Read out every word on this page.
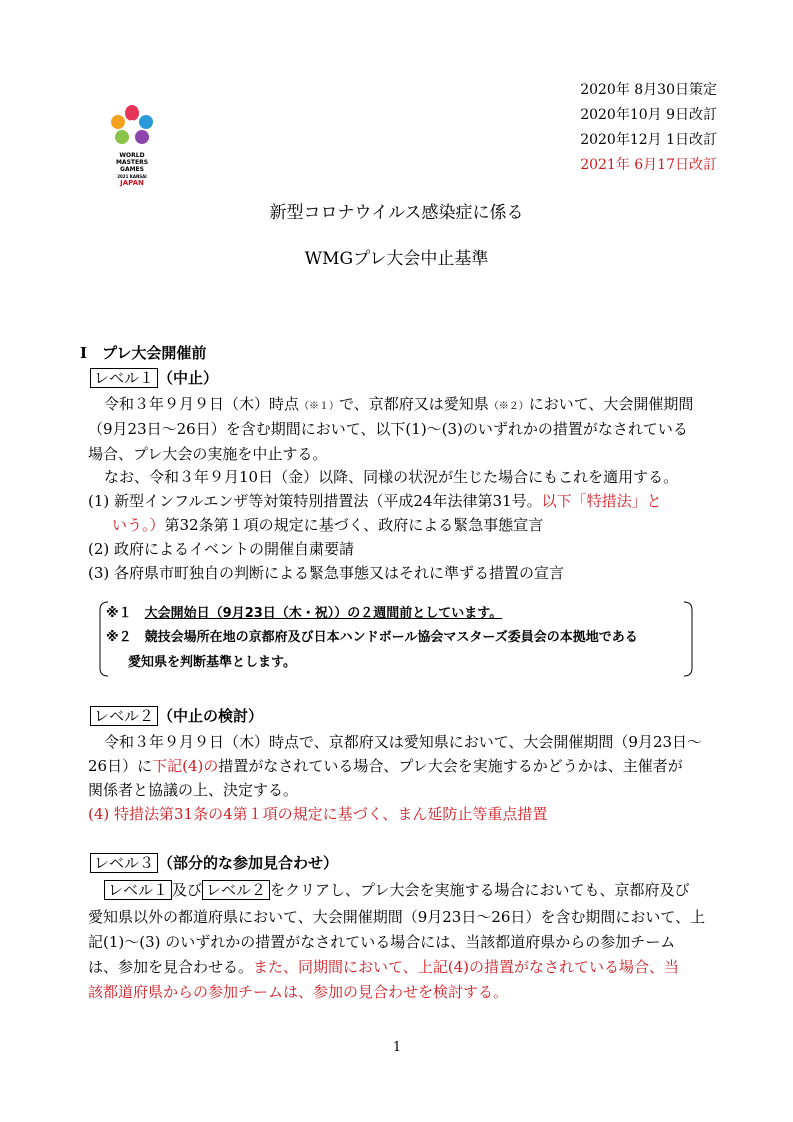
WORLD
MASTERS
GAMES
2021 KANSAI
JAPAN
2020年 8月30日策定
2020年10月 9日改訂
2020年12月 1日改訂
2021年 6月17日改訂
新型コロナウイルス感染症に係る
WMGプレ大会中止基準
Ⅰ　プレ大会開催前
レベル１ （中止）
令和３年９月９日（木）時点（※１）で、京都府又は愛知県（※２）において、大会開催期間
（9月23日～26日）を含む期間において、以下(1)～(3)のいずれかの措置がなされている
場合、プレ大会の実施を中止する。
なお、令和３年９月10日（金）以降、同様の状況が生じた場合にもこれを適用する。
(1) 新型インフルエンザ等対策特別措置法（平成24年法律第31号。以下「特措法」と
いう。）第32条第１項の規定に基づく、政府による緊急事態宣言
(2) 政府によるイベントの開催自粛要請
(3) 各府県市町独自の判断による緊急事態又はそれに準ずる措置の宣言
※１　 大会開始日（9月23日（木・祝））の２週間前としています。
※２　 競技会場所在地の京都府及び日本ハンドボール協会マスターズ委員会の本拠地である
愛知県を判断基準とします。
レベル２ （中止の検討）
令和３年９月９日（木）時点で、京都府又は愛知県において、大会開催期間（9月23日～
26日）に下記(4)の措置がなされている場合、プレ大会を実施するかどうかは、主催者が
関係者と協議の上、決定する。
(4) 特措法第31条の4第１項の規定に基づく、まん延防止等重点措置
レベル３ （部分的な参加見合わせ）
レベル１ 及び レベル２ をクリアし、プレ大会を実施する場合においても、京都府及び
愛知県以外の都道府県において、大会開催期間（9月23日～26日）を含む期間において、上
記(1)～(3) のいずれかの措置がなされている場合には、当該都道府県からの参加チーム
は、参加を見合わせる。また、同期間において、上記(4)の措置がなされている場合、当
該都道府県からの参加チームは、参加の見合わせを検討する。
1
